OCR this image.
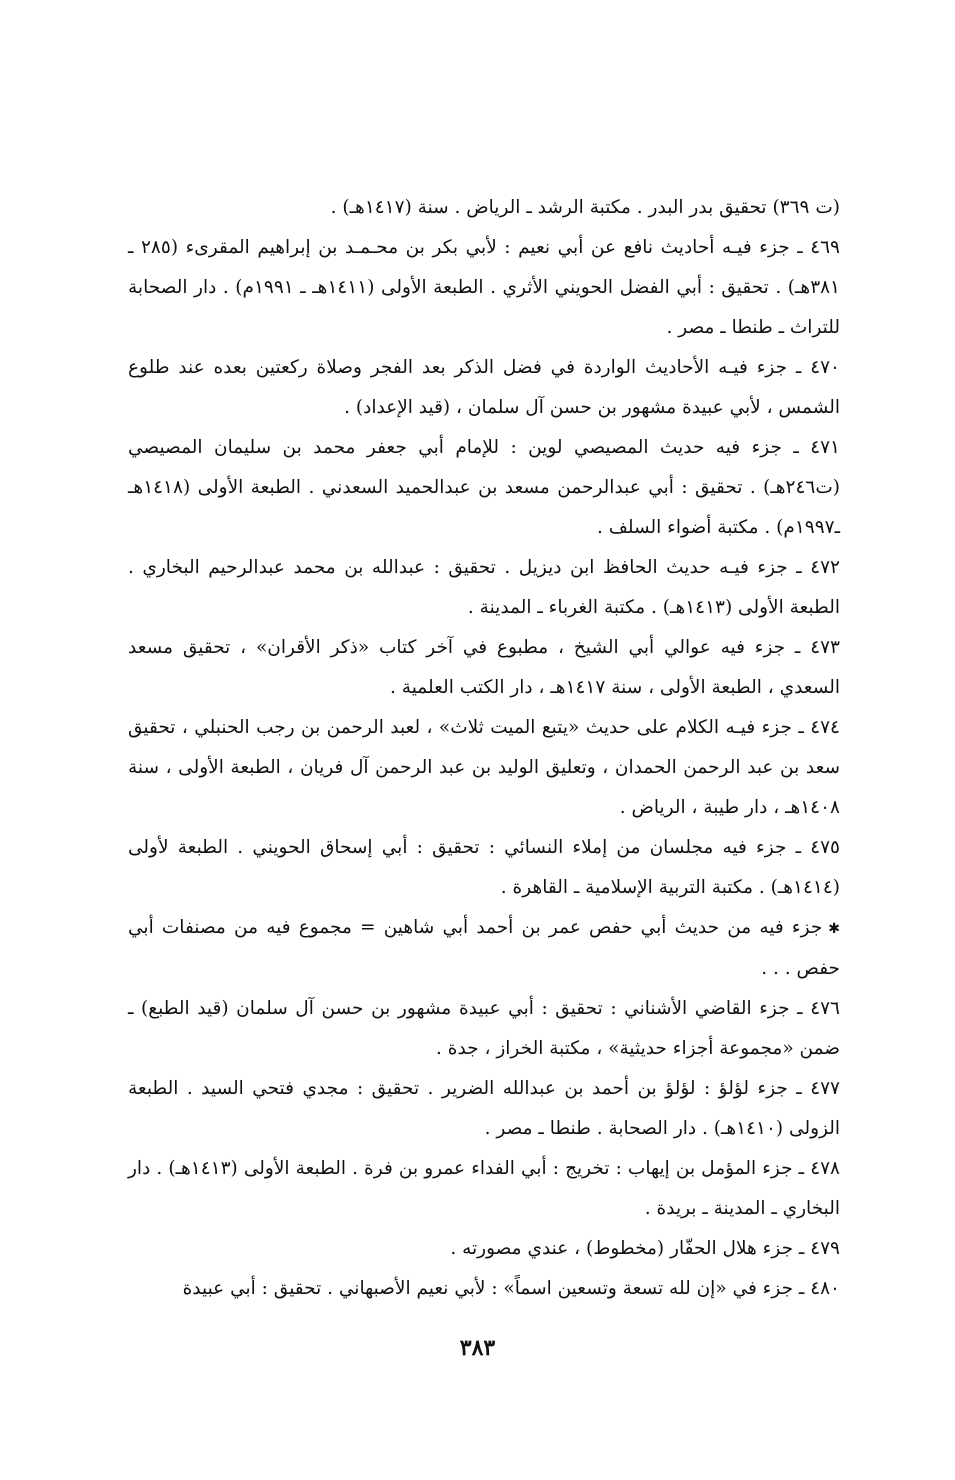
(ت ٣٦٩) تحقيق بدر البدر . مكتبة الرشد ـ الرياض . سنة (١٤١٧هـ) .

٤٦٩ ـ جزء فيـه أحاديث نافع عن أبي نعيم : لأبي بكر بن محـمـد بن إبراهيم المقرىء (٢٨٥ ـ ٣٨١هـ) . تحقيق : أبي الفضل الحويني الأثري . الطبعة الأولى (١٤١١هـ ـ ١٩٩١م) . دار الصحابة للتراث ـ طنطا ـ مصر .

٤٧٠ ـ جزء فيـه الأحاديث الواردة في فضل الذكر بعد الفجر وصلاة ركعتين بعده عند طلوع الشمس ، لأبي عبيدة مشهور بن حسن آل سلمان ، (قيد الإعداد) .

٤٧١ ـ جزء فيه حديث المصيصي لوين : للإمام أبي جعفر محمد بن سليمان المصيصي (ت٢٤٦هـ) . تحقيق : أبي عبدالرحمن مسعد بن عبدالحميد السعدني . الطبعة الأولى (١٤١٨هـ ـ١٩٩٧م) . مكتبة أضواء السلف .

٤٧٢ ـ جزء فيـه حديث الحافظ ابن ديزيل . تحقيق : عبدالله بن محمد عبدالرحيم البخاري . الطبعة الأولى (١٤١٣هـ) . مكتبة الغرباء ـ المدينة .

٤٧٣ ـ جزء فيه عوالي أبي الشيخ ، مطبوع في آخر كتاب «ذكر الأقران» ، تحقيق مسعد السعدي ، الطبعة الأولى ، سنة ١٤١٧هـ ، دار الكتب العلمية .

٤٧٤ ـ جزء فيـه الكلام على حديث «يتبع الميت ثلاث» ، لعبد الرحمن بن رجب الحنبلي ، تحقيق سعد بن عبد الرحمن الحمدان ، وتعليق الوليد بن عبد الرحمن آل فريان ، الطبعة الأولى ، سنة ١٤٠٨هـ ، دار طيبة ، الرياض .

٤٧٥ ـ جزء فيه مجلسان من إملاء النسائي : تحقيق : أبي إسحاق الحويني . الطبعة لأولى (١٤١٤هـ) . مكتبة التربية الإسلامية ـ القاهرة .

✱جزء فيه من حديث أبي حفص عمر بن أحمد أبي شاهين = مجموع فيه من مصنفات أبي حفص . . .

٤٧٦ ـ جزء القاضي الأشناني : تحقيق : أبي عبيدة مشهور بن حسن آل سلمان (قيد الطبع) ـ ضمن «مجموعة أجزاء حديثية» ، مكتبة الخراز ، جدة .

٤٧٧ ـ جزء لؤلؤ : لؤلؤ بن أحمد بن عبدالله الضرير . تحقيق : مجدي فتحي السيد . الطبعة الزولى (١٤١٠هـ) . دار الصحابة . طنطا ـ مصر .

٤٧٨ ـ جزء المؤمل بن إيهاب : تخريج : أبي الفداء عمرو بن فرة . الطبعة الأولى (١٤١٣هـ) . دار البخاري ـ المدينة ـ بريدة .

٤٧٩ ـ جزء هلال الحفّار (مخطوط) ، عندي مصورته .

٤٨٠ ـ جزء في «إن لله تسعة وتسعين اسماً» : لأبي نعيم الأصبهاني . تحقيق : أبي عبيدة

٣٨٣
